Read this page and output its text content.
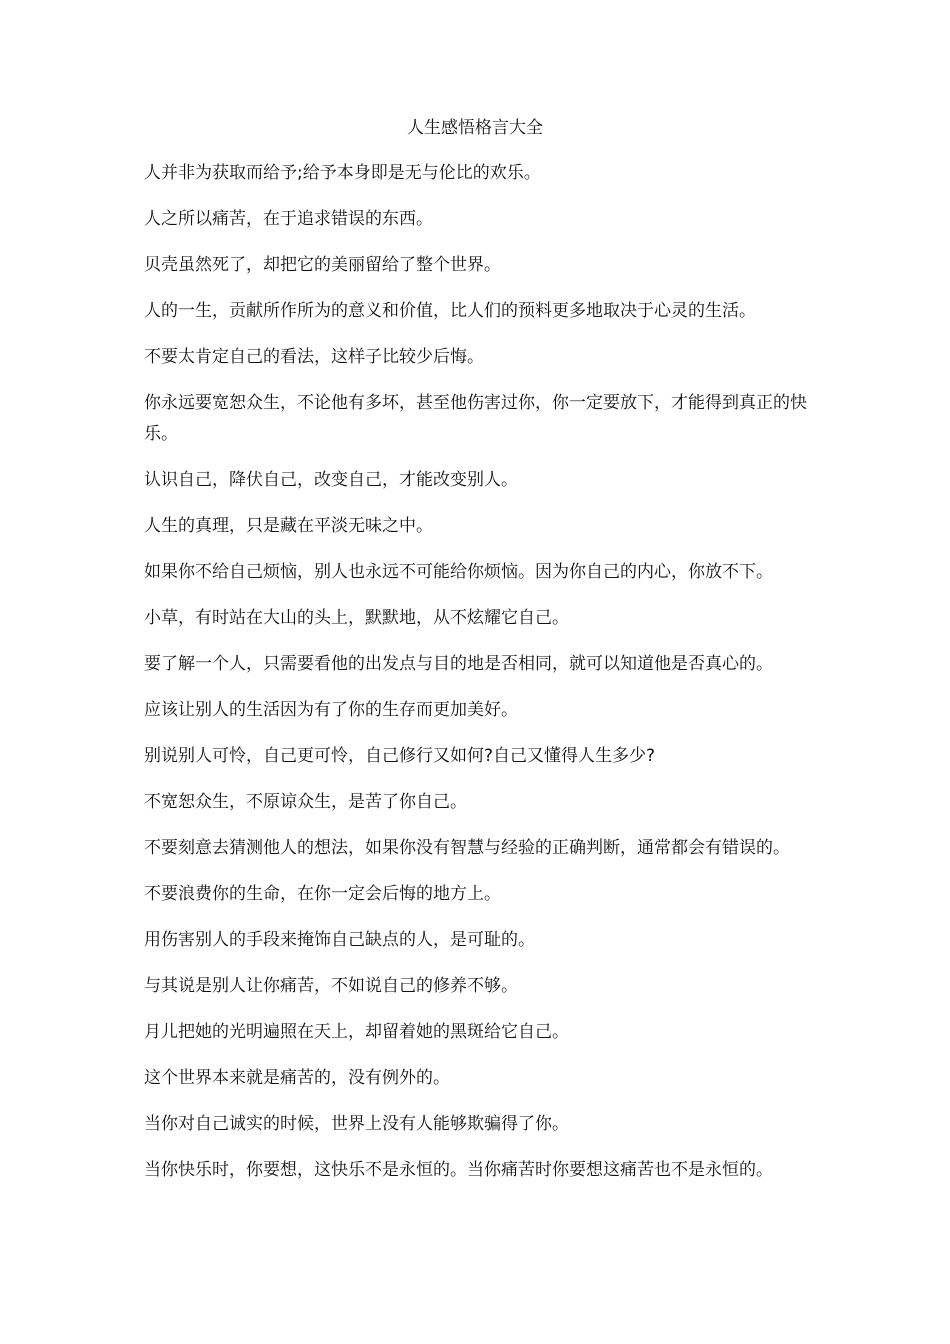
人生感悟格言大全
人并非为获取而给予;给予本身即是无与伦比的欢乐。
人之所以痛苦，在于追求错误的东西。
贝壳虽然死了，却把它的美丽留给了整个世界。
人的一生，贡献所作所为的意义和价值，比人们的预料更多地取决于心灵的生活。
不要太肯定自己的看法，这样子比较少后悔。
你永远要宽恕众生，不论他有多坏，甚至他伤害过你，你一定要放下，才能得到真正的快乐。
认识自己，降伏自己，改变自己，才能改变别人。
人生的真理，只是藏在平淡无味之中。
如果你不给自己烦恼，别人也永远不可能给你烦恼。因为你自己的内心，你放不下。
小草，有时站在大山的头上，默默地，从不炫耀它自己。
要了解一个人，只需要看他的出发点与目的地是否相同，就可以知道他是否真心的。
应该让别人的生活因为有了你的生存而更加美好。
别说别人可怜，自己更可怜，自己修行又如何?自己又懂得人生多少?
不宽恕众生，不原谅众生，是苦了你自己。
不要刻意去猜测他人的想法，如果你没有智慧与经验的正确判断，通常都会有错误的。
不要浪费你的生命，在你一定会后悔的地方上。
用伤害别人的手段来掩饰自己缺点的人，是可耻的。
与其说是别人让你痛苦，不如说自己的修养不够。
月儿把她的光明遍照在天上，却留着她的黑斑给它自己。
这个世界本来就是痛苦的，没有例外的。
当你对自己诚实的时候，世界上没有人能够欺骗得了你。
当你快乐时，你要想，这快乐不是永恒的。当你痛苦时你要想这痛苦也不是永恒的。
